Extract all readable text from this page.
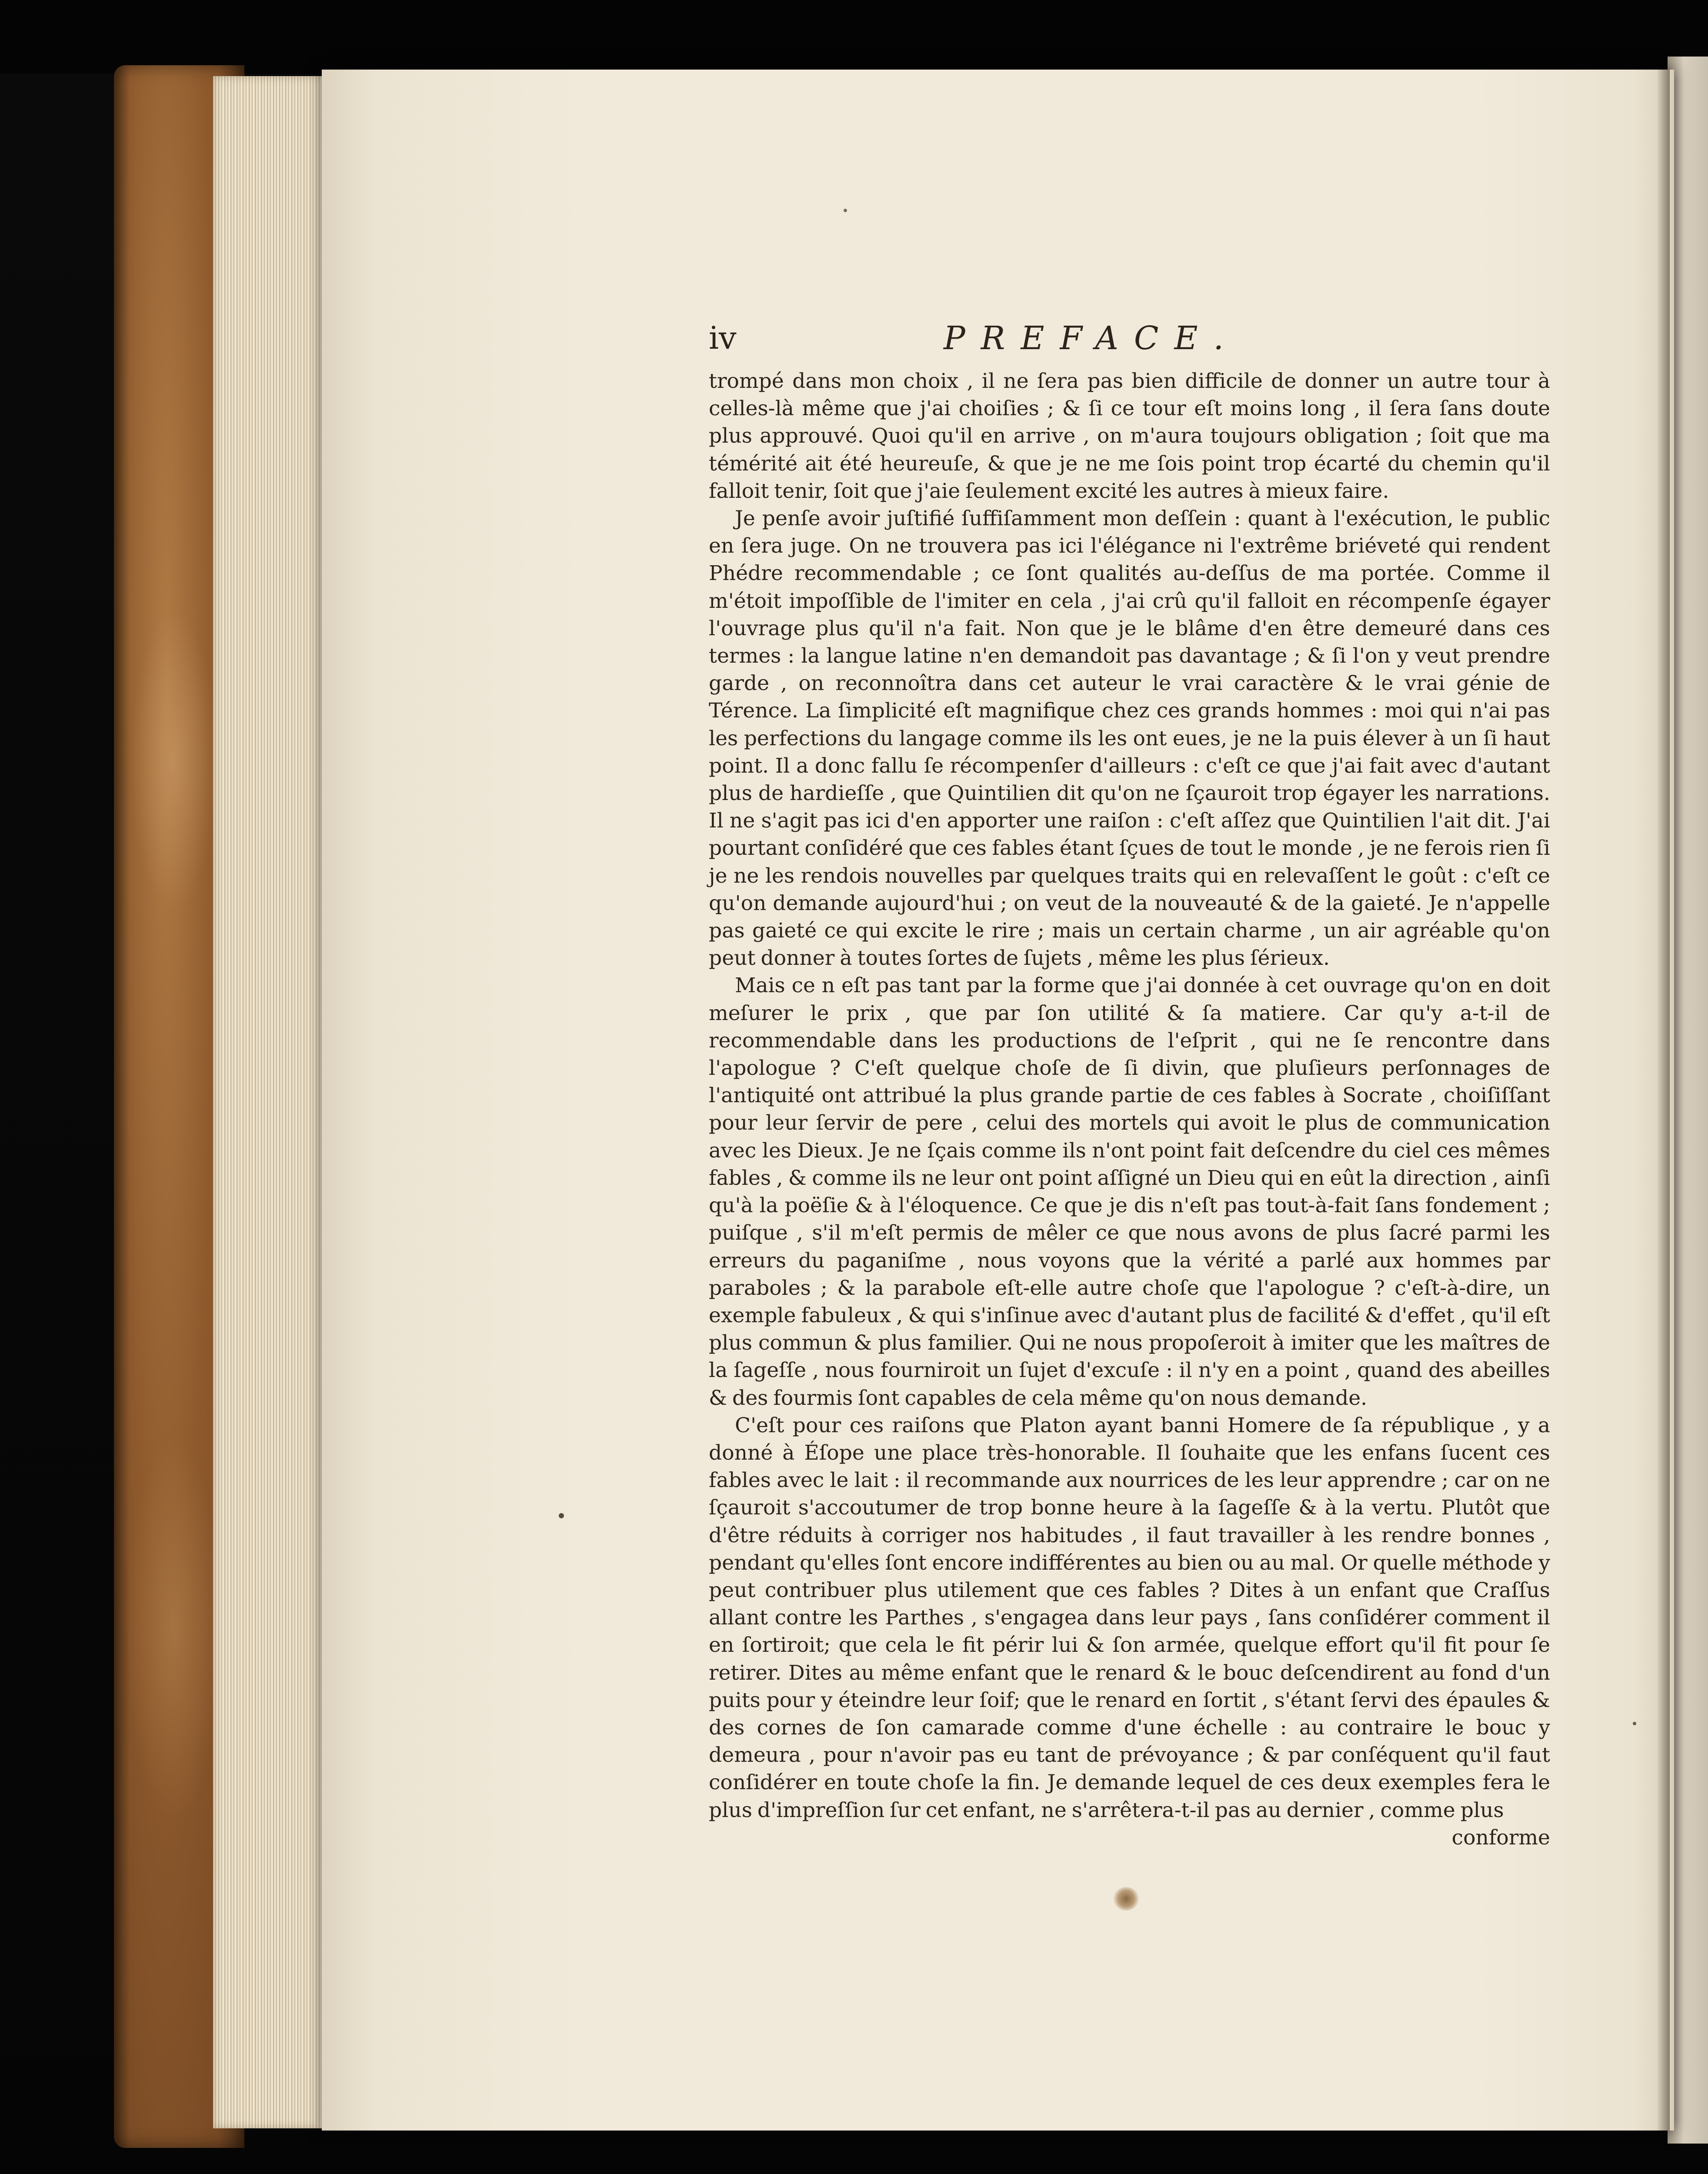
iv	PREFACE.

trompé dans mon choix , il ne ſera pas bien difficile de donner un autre tour à celles-là même que j'ai choiſies ; & ſi ce tour eſt moins long , il ſera ſans doute plus approuvé. Quoi qu'il en arrive , on m'aura toujours obligation ; ſoit que ma témérité ait été heureuſe, & que je ne me ſois point trop écarté du chemin qu'il falloit tenir, ſoit que j'aie ſeulement excité les autres à mieux faire.

Je penſe avoir juſtifié ſuffiſamment mon deſſein : quant à l'exécution, le public en ſera juge. On ne trouvera pas ici l'élégance ni l'extrême briéveté qui rendent Phédre recommendable ; ce ſont qualités au-deſſus de ma portée. Comme il m'étoit impoſſible de l'imiter en cela , j'ai crû qu'il falloit en récompenſe égayer l'ouvrage plus qu'il n'a fait. Non que je le blâme d'en être demeuré dans ces termes : la langue latine n'en demandoit pas davantage ; & ſi l'on y veut prendre garde , on reconnoîtra dans cet auteur le vrai caractère & le vrai génie de Térence. La ſimplicité eſt magnifique chez ces grands hommes : moi qui n'ai pas les perfections du langage comme ils les ont eues, je ne la puis élever à un ſi haut point. Il a donc fallu ſe récompenſer d'ailleurs : c'eſt ce que j'ai fait avec d'autant plus de hardieſſe , que Quintilien dit qu'on ne ſçauroit trop égayer les narrations. Il ne s'agit pas ici d'en apporter une raiſon : c'eſt aſſez que Quintilien l'ait dit. J'ai pourtant conſidéré que ces fables étant ſçues de tout le monde , je ne ferois rien ſi je ne les rendois nouvelles par quelques traits qui en relevaſſent le goût : c'eſt ce qu'on demande aujourd'hui ; on veut de la nouveauté & de la gaieté. Je n'appelle pas gaieté ce qui excite le rire ; mais un certain charme , un air agréable qu'on peut donner à toutes ſortes de ſujets , même les plus ſérieux.

Mais ce n eſt pas tant par la forme que j'ai donnée à cet ouvrage qu'on en doit meſurer le prix , que par ſon utilité & ſa matiere. Car qu'y a-t-il de recommendable dans les productions de l'eſprit , qui ne ſe rencontre dans l'apologue ? C'eſt quelque choſe de ſi divin, que pluſieurs perſonnages de l'antiquité ont attribué la plus grande partie de ces fables à Socrate , choiſiſſant pour leur ſervir de pere , celui des mortels qui avoit le plus de communication avec les Dieux. Je ne ſçais comme ils n'ont point fait deſcendre du ciel ces mêmes fables , & comme ils ne leur ont point aſſigné un Dieu qui en eût la direction , ainſi qu'à la poëſie & à l'éloquence. Ce que je dis n'eſt pas tout-à-fait ſans fondement ; puiſque , s'il m'eſt permis de mêler ce que nous avons de plus ſacré parmi les erreurs du paganiſme , nous voyons que la vérité a parlé aux hommes par paraboles ; & la parabole eſt-elle autre choſe que l'apologue ? c'eſt-à-dire, un exemple fabuleux , & qui s'inſinue avec d'autant plus de facilité & d'effet , qu'il eſt plus commun & plus familier. Qui ne nous propoſeroit à imiter que les maîtres de la ſageſſe , nous fourniroit un ſujet d'excuſe : il n'y en a point , quand des abeilles & des fourmis ſont capables de cela même qu'on nous demande.

C'eſt pour ces raiſons que Platon ayant banni Homere de ſa république , y a donné à Éſope une place très-honorable. Il ſouhaite que les enfans ſucent ces fables avec le lait : il recommande aux nourrices de les leur apprendre ; car on ne ſçauroit s'accoutumer de trop bonne heure à la ſageſſe & à la vertu. Plutôt que d'être réduits à corriger nos habitudes , il faut travailler à les rendre bonnes , pendant qu'elles ſont encore indifférentes au bien ou au mal. Or quelle méthode y peut contribuer plus utilement que ces fables ? Dites à un enfant que Craſſus allant contre les Parthes , s'engagea dans leur pays , ſans conſidérer comment il en ſortiroit; que cela le fit périr lui & ſon armée, quelque effort qu'il fit pour ſe retirer. Dites au même enfant que le renard & le bouc deſcendirent au fond d'un puits pour y éteindre leur ſoif; que le renard en ſortit , s'étant ſervi des épaules & des cornes de ſon camarade comme d'une échelle : au contraire le bouc y demeura , pour n'avoir pas eu tant de prévoyance ; & par conſéquent qu'il faut conſidérer en toute choſe la fin. Je demande lequel de ces deux exemples fera le plus d'impreſſion ſur cet enfant, ne s'arrêtera-t-il pas au dernier , comme plus

conforme
